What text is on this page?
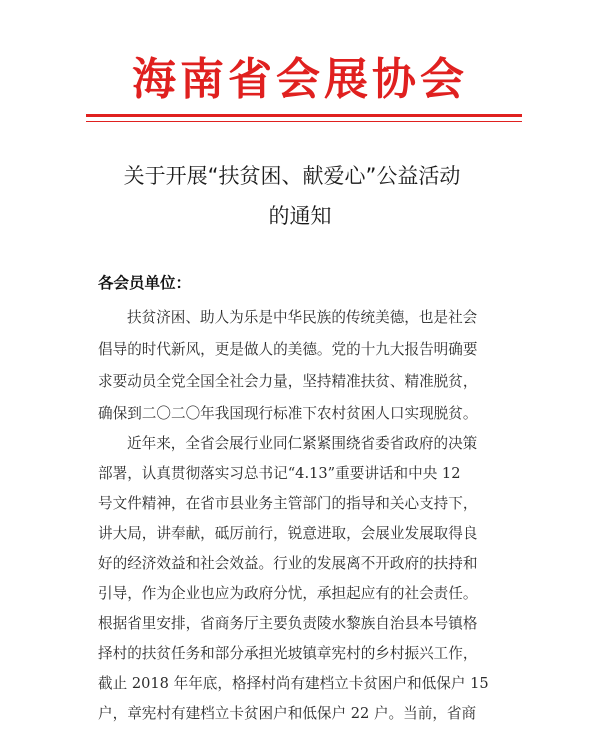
海南省会展协会
关于开展“扶贫困、献爱心”公益活动
的通知
各会员单位：
扶贫济困、助人为乐是中华民族的传统美德，也是社会
倡导的时代新风，更是做人的美德。党的十九大报告明确要
求要动员全党全国全社会力量，坚持精准扶贫、精准脱贫，
确保到二〇二〇年我国现行标准下农村贫困人口实现脱贫。
近年来，全省会展行业同仁紧紧围绕省委省政府的决策
部署，认真贯彻落实习总书记“4.13”重要讲话和中央 12
号文件精神，在省市县业务主管部门的指导和关心支持下，
讲大局，讲奉献，砥厉前行，锐意进取，会展业发展取得良
好的经济效益和社会效益。行业的发展离不开政府的扶持和
引导，作为企业也应为政府分忧，承担起应有的社会责任。
根据省里安排，省商务厅主要负责陵水黎族自治县本号镇格
择村的扶贫任务和部分承担光坡镇章宪村的乡村振兴工作，
截止 2018 年年底，格择村尚有建档立卡贫困户和低保户 15
户，章宪村有建档立卡贫困户和低保户 22 户。当前，省商
